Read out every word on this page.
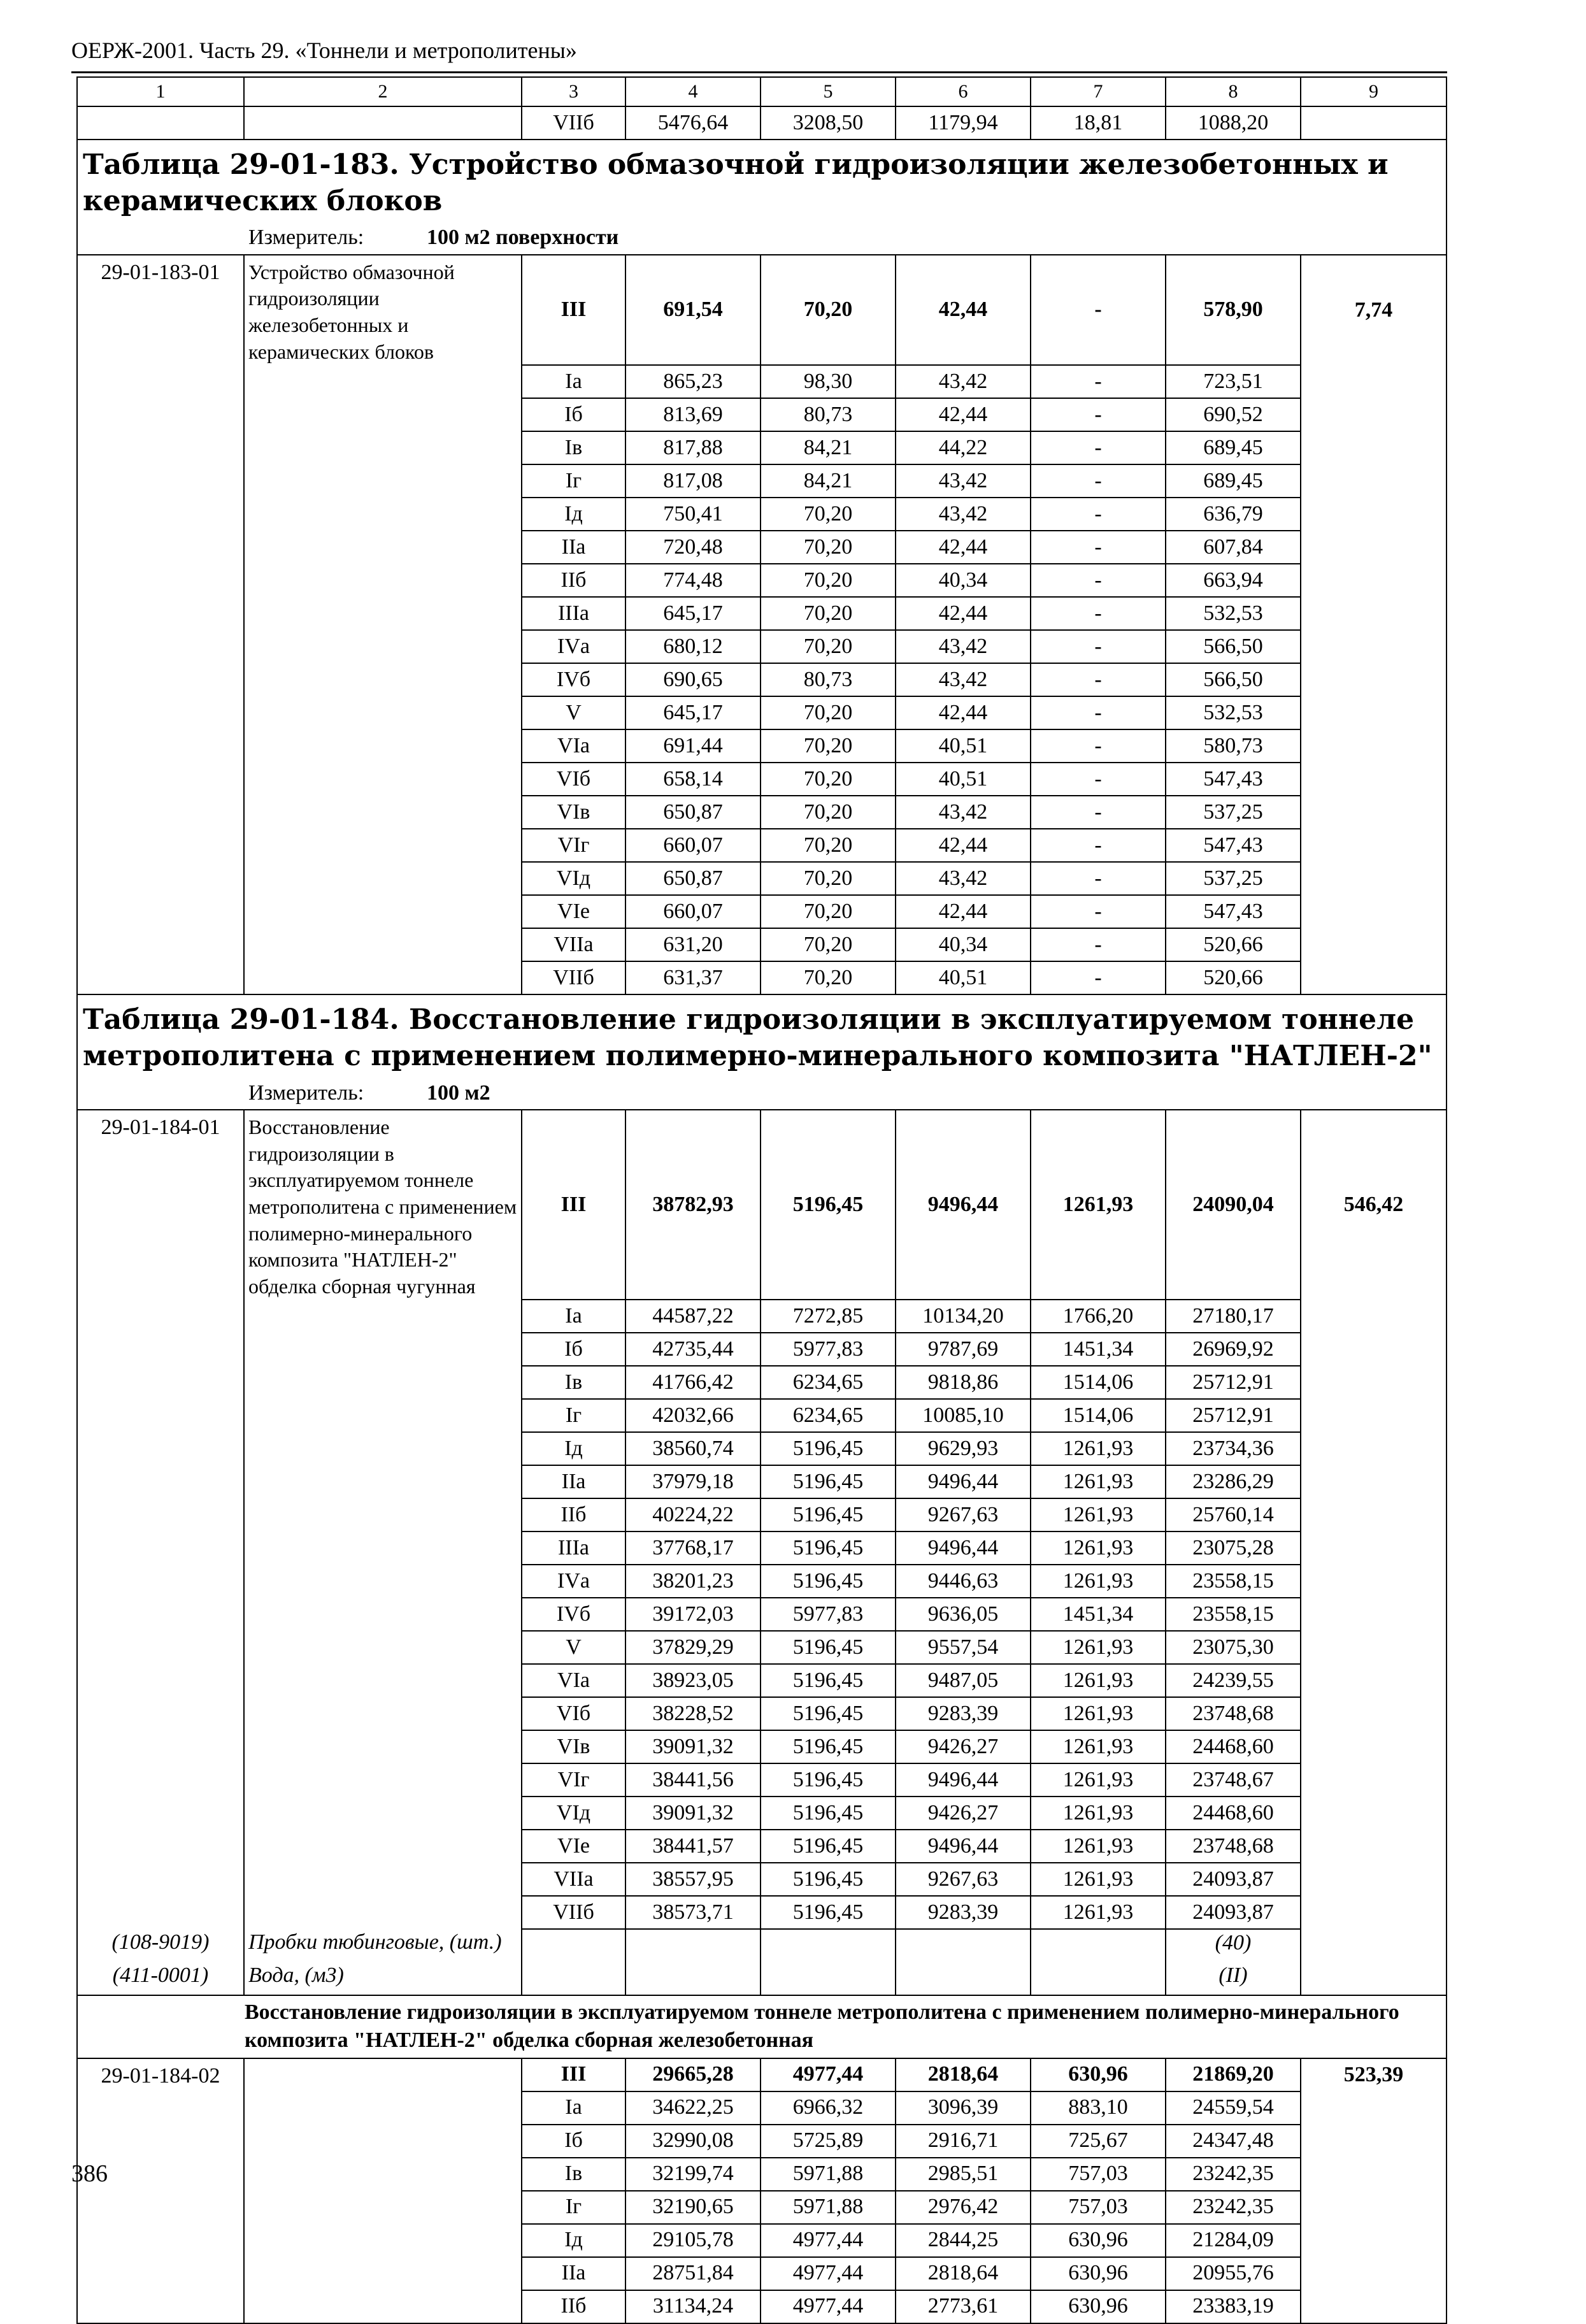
ОЕРЖ-2001. Часть 29. «Тоннели и метрополитены»
1	2	3	4	5	6	7	8	9
		VIIб	5476,64	3208,50	1179,94	18,81	1088,20	

Таблица 29-01-183. Устройство обмазочной гидроизоляции железобетонных и керамических блоков
Измеритель: 100 м2 поверхности								

29-01-183-01	Устройство обмазочной гидроизоляции железобетонных и керамических блоков	III	691,54	70,20	42,44	-	578,90	7,74
		Iа	865,23	98,30	43,42	-	723,51	
		Iб	813,69	80,73	42,44	-	690,52	
		Iв	817,88	84,21	44,22	-	689,45	
		Iг	817,08	84,21	43,42	-	689,45	
		Iд	750,41	70,20	43,42	-	636,79	
		IIа	720,48	70,20	42,44	-	607,84	
		IIб	774,48	70,20	40,34	-	663,94	
		IIIа	645,17	70,20	42,44	-	532,53	
		IVа	680,12	70,20	43,42	-	566,50	
		IVб	690,65	80,73	43,42	-	566,50	
		V	645,17	70,20	42,44	-	532,53	
		VIа	691,44	70,20	40,51	-	580,73	
		VIб	658,14	70,20	40,51	-	547,43	
		VIв	650,87	70,20	43,42	-	537,25	
		VIг	660,07	70,20	42,44	-	547,43	
		VIд	650,87	70,20	43,42	-	537,25	
		VIе	660,07	70,20	42,44	-	547,43	
		VIIа	631,20	70,20	40,34	-	520,66	
		VIIб	631,37	70,20	40,51	-	520,66	

Таблица 29-01-184. Восстановление гидроизоляции в эксплуатируемом тоннеле метрополитена с применением полимерно-минерального композита "НАТЛЕН-2"
Измеритель: 100 м2								

29-01-184-01	Восстановление гидроизоляции в эксплуатируемом тоннеле метрополитена с применением полимерно-минерального композита "НАТЛЕН-2" обделка сборная чугунная	III	38782,93	5196,45	9496,44	1261,93	24090,04	546,42
		Iа	44587,22	7272,85	10134,20	1766,20	27180,17	
		Iб	42735,44	5977,83	9787,69	1451,34	26969,92	
		Iв	41766,42	6234,65	9818,86	1514,06	25712,91	
		Iг	42032,66	6234,65	10085,10	1514,06	25712,91	
		Iд	38560,74	5196,45	9629,93	1261,93	23734,36	
		IIа	37979,18	5196,45	9496,44	1261,93	23286,29	
		IIб	40224,22	5196,45	9267,63	1261,93	25760,14	
		IIIа	37768,17	5196,45	9496,44	1261,93	23075,28	
		IVа	38201,23	5196,45	9446,63	1261,93	23558,15	
		IVб	39172,03	5977,83	9636,05	1451,34	23558,15	
		V	37829,29	5196,45	9557,54	1261,93	23075,30	
		VIа	38923,05	5196,45	9487,05	1261,93	24239,55	
		VIб	38228,52	5196,45	9283,39	1261,93	23748,68	
		VIв	39091,32	5196,45	9426,27	1261,93	24468,60	
		VIг	38441,56	5196,45	9496,44	1261,93	23748,67	
		VIд	39091,32	5196,45	9426,27	1261,93	24468,60	
		VIе	38441,57	5196,45	9496,44	1261,93	23748,68	
		VIIа	38557,95	5196,45	9267,63	1261,93	24093,87	
		VIIб	38573,71	5196,45	9283,39	1261,93	24093,87	
(108-9019)	Пробки тюбинговые, (шт.)						(40)	
(411-0001)	Вода, (м3)						(II)	
Восстановление гидроизоляции в эксплуатируемом тоннеле метрополитена с применением полимерно-минерального композита "НАТЛЕН-2" обделка сборная железобетонная								
29-01-184-02		III	29665,28	4977,44	2818,64	630,96	21869,20	523,39
		Iа	34622,25	6966,32	3096,39	883,10	24559,54	
		Iб	32990,08	5725,89	2916,71	725,67	24347,48	
		Iв	32199,74	5971,88	2985,51	757,03	23242,35	
		Iг	32190,65	5971,88	2976,42	757,03	23242,35	
		Iд	29105,78	4977,44	2844,25	630,96	21284,09	
		IIа	28751,84	4977,44	2818,64	630,96	20955,76	
		IIб	31134,24	4977,44	2773,61	630,96	23383,19	
386
